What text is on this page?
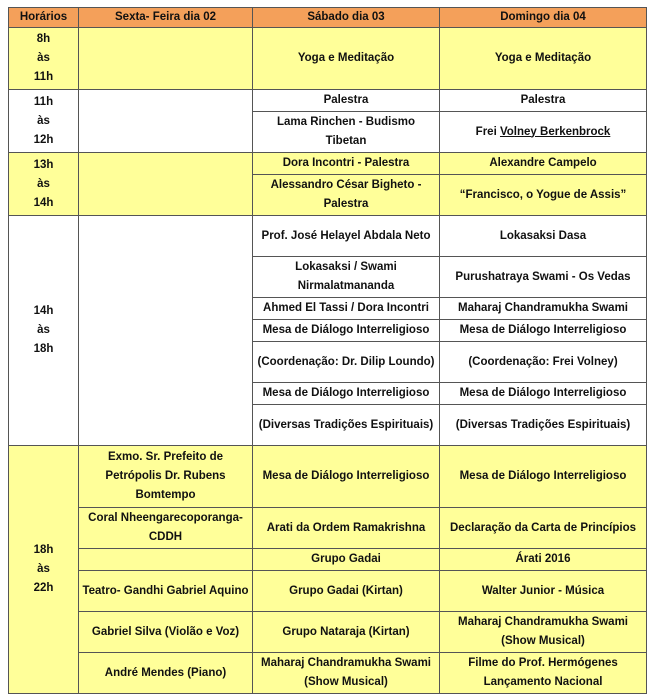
Horários	Sexta- Feira dia 02	Sábado dia 03	Domingo dia 04
8h
às
11h		Yoga e Meditação	Yoga e Meditação
11h
às
12h		Palestra	Palestra
		Lama Rinchen - Budismo Tibetan	Frei Volney Berkenbrock
13h
às
14h		Dora Incontri - Palestra	Alexandre Campelo
		Alessandro César Bigheto - Palestra	“Francisco, o Yogue de Assis”
14h
às
18h		Prof. José Helayel Abdala Neto	Lokasaksi Dasa
		Lokasaksi / Swami Nirmalatmananda	Purushatraya Swami - Os Vedas
		Ahmed El Tassi / Dora Incontri	Maharaj Chandramukha Swami
		Mesa de Diálogo Interreligioso	Mesa de Diálogo Interreligioso
		(Coordenação: Dr. Dilip Loundo)	(Coordenação: Frei Volney)
		Mesa de Diálogo Interreligioso	Mesa de Diálogo Interreligioso
		(Diversas Tradições Espirituais)	(Diversas Tradições Espirituais)
18h
às
22h	Exmo. Sr. Prefeito de Petrópolis Dr. Rubens Bomtempo	Mesa de Diálogo Interreligioso	Mesa de Diálogo Interreligioso
	Coral Nheengarecoporanga-CDDH	Arati da Ordem Ramakrishna	Declaração da Carta de Princípios
		Grupo Gadai	Árati 2016
	Teatro- Gandhi Gabriel Aquino	Grupo Gadai (Kirtan)	Walter Junior - Música
	Gabriel Silva (Violão e Voz)	Grupo Nataraja (Kirtan)	Maharaj Chandramukha Swami (Show Musical)
	André Mendes (Piano)	Maharaj Chandramukha Swami (Show Musical)	Filme do Prof. Hermógenes Lançamento Nacional
